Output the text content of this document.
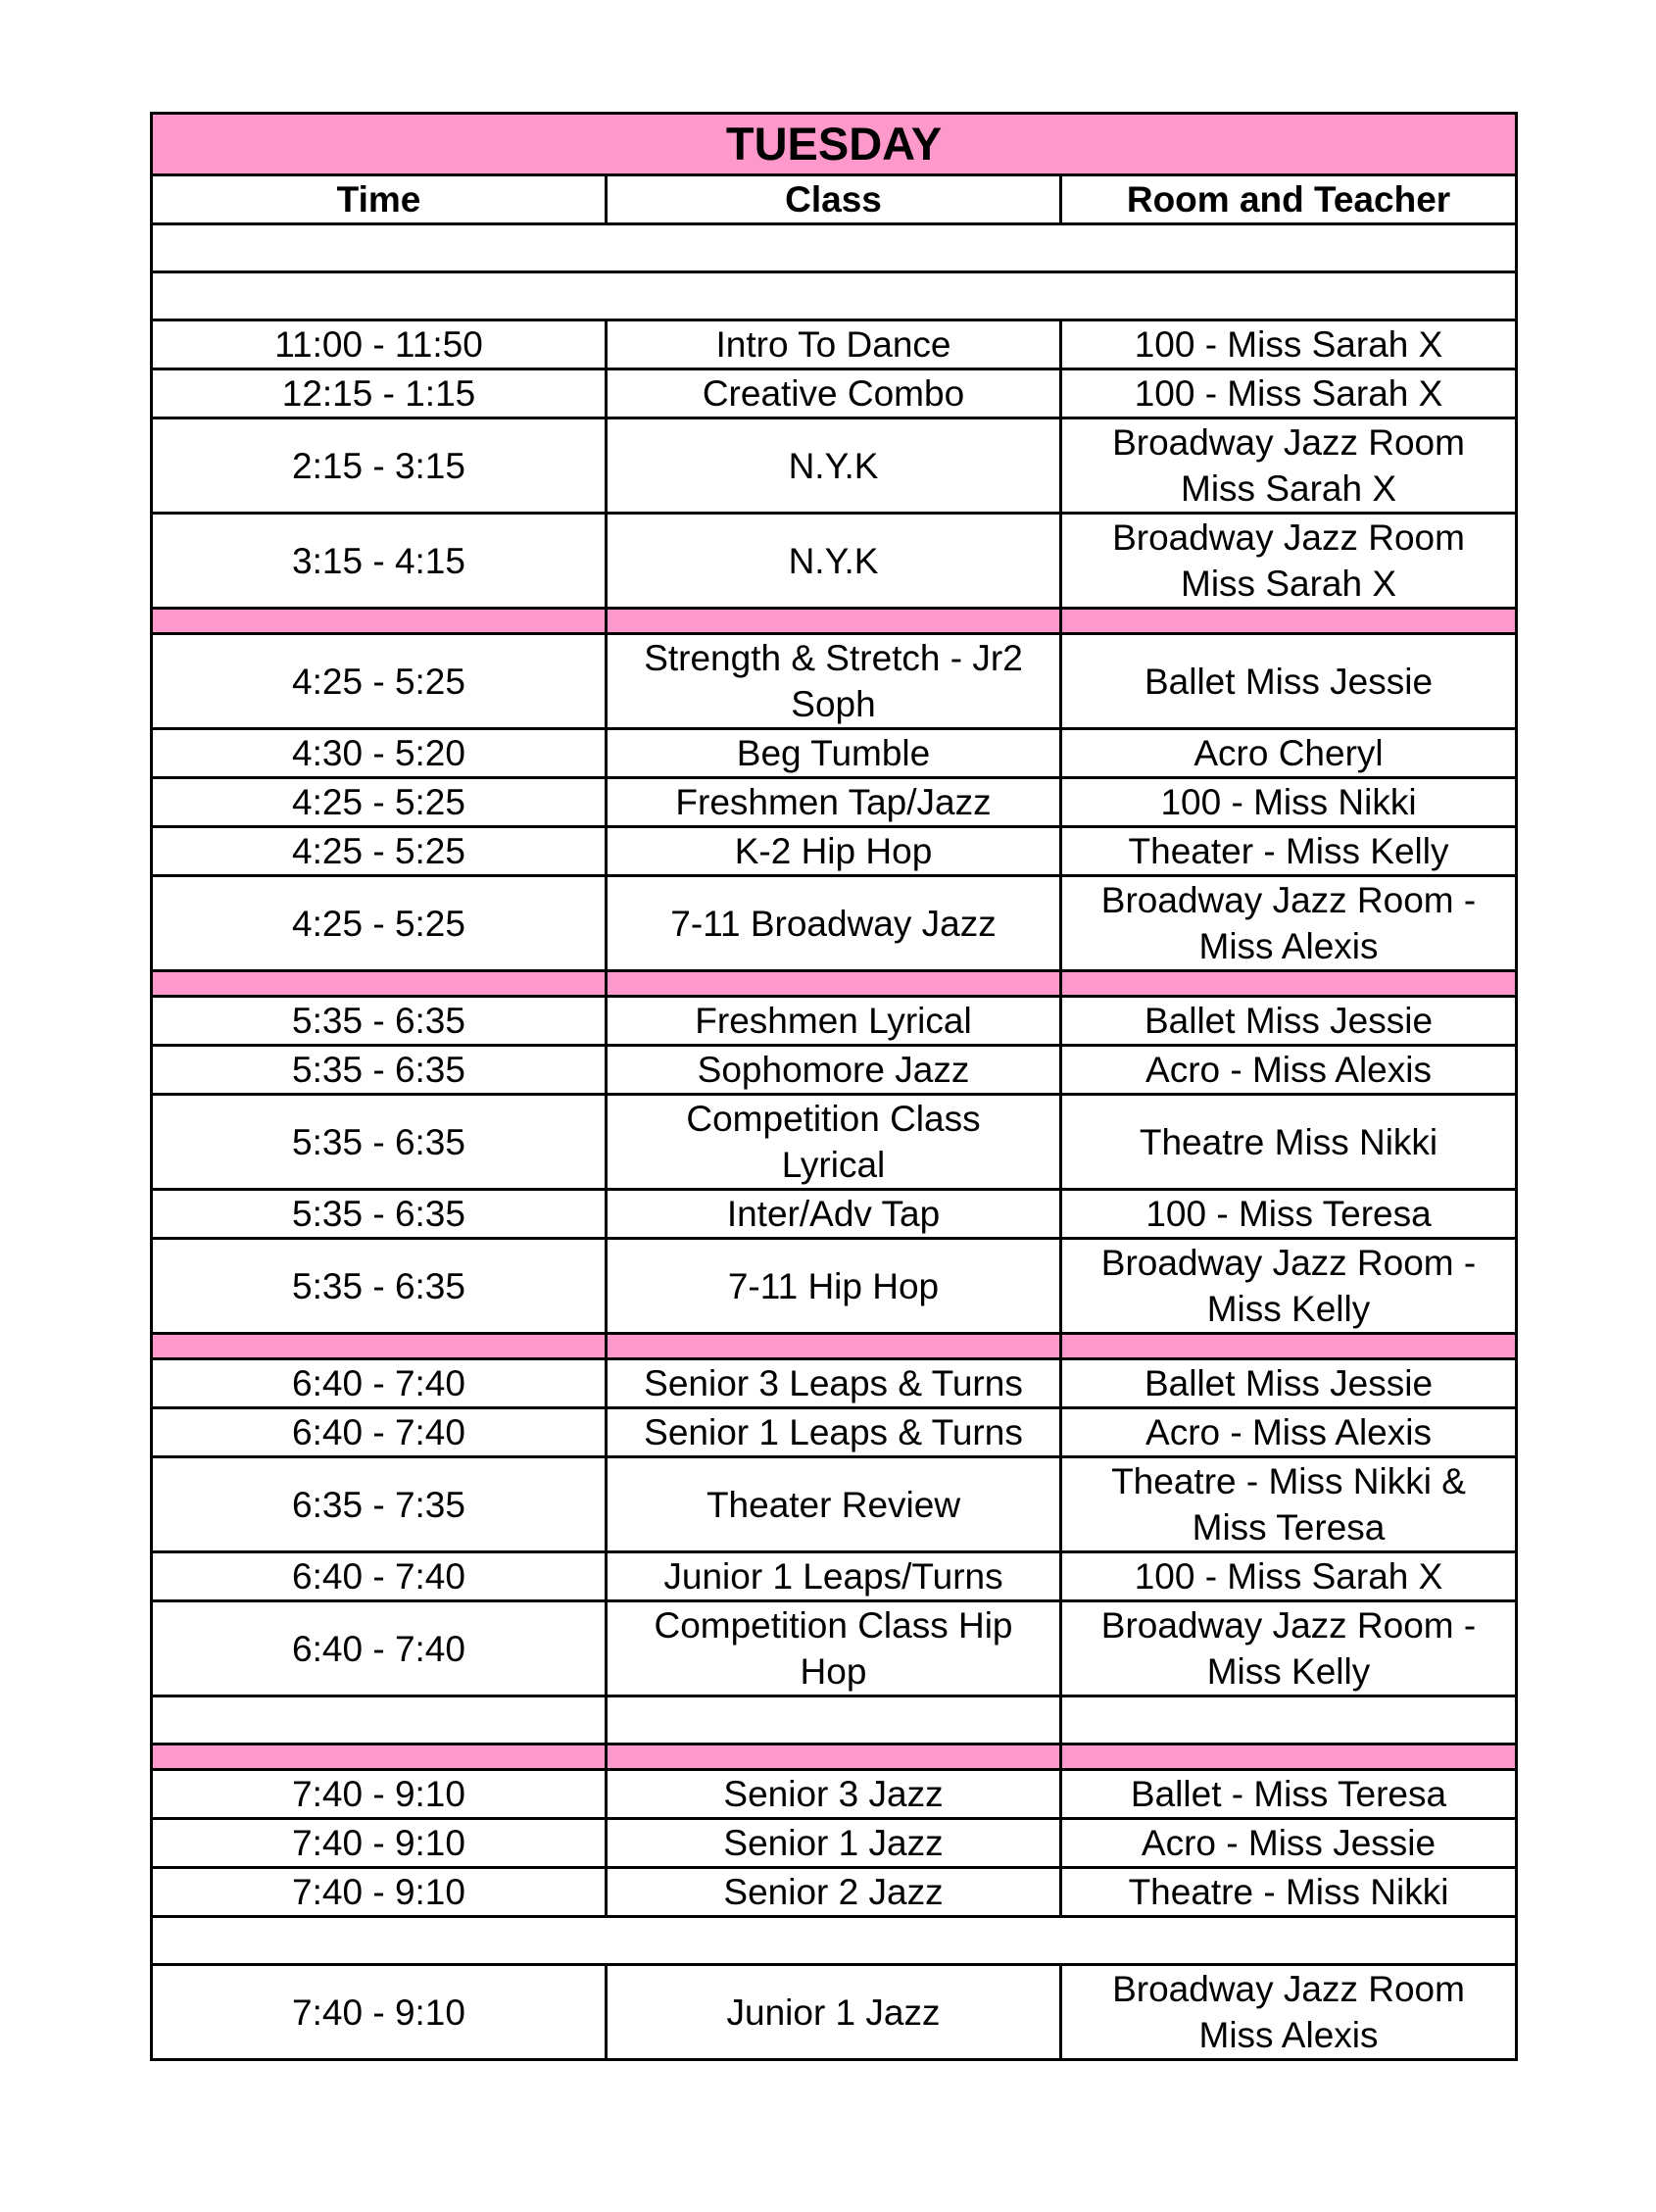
TUESDAY		
Time	Class	Room and Teacher

11:00 - 11:50	Intro To Dance	100 - Miss Sarah X
12:15 - 1:15	Creative Combo	100 - Miss Sarah X
2:15 - 3:15	N.Y.K	Broadway Jazz Room
Miss Sarah X
3:15 - 4:15	N.Y.K	Broadway Jazz Room
Miss Sarah X

4:25 - 5:25	Strength & Stretch - Jr2
Soph	Ballet Miss Jessie
4:30 - 5:20	Beg Tumble	Acro Cheryl
4:25 - 5:25	Freshmen Tap/Jazz	100 - Miss Nikki
4:25 - 5:25	K-2 Hip Hop	Theater - Miss Kelly
4:25 - 5:25	7-11 Broadway Jazz	Broadway Jazz Room -
Miss Alexis

5:35 - 6:35	Freshmen Lyrical	Ballet Miss Jessie
5:35 - 6:35	Sophomore Jazz	Acro - Miss Alexis
5:35 - 6:35	Competition Class
Lyrical	Theatre Miss Nikki
5:35 - 6:35	Inter/Adv Tap	100 - Miss Teresa
5:35 - 6:35	7-11 Hip Hop	Broadway Jazz Room -
Miss Kelly

6:40 - 7:40	Senior 3 Leaps & Turns	Ballet Miss Jessie
6:40 - 7:40	Senior 1 Leaps & Turns	Acro - Miss Alexis
6:35 - 7:35	Theater Review	Theatre - Miss Nikki &
Miss Teresa
6:40 - 7:40	Junior 1 Leaps/Turns	100 - Miss Sarah X
6:40 - 7:40	Competition Class Hip
Hop	Broadway Jazz Room -
Miss Kelly

7:40 - 9:10	Senior 3 Jazz	Ballet - Miss Teresa
7:40 - 9:10	Senior 1 Jazz	Acro - Miss Jessie
7:40 - 9:10	Senior 2 Jazz	Theatre - Miss Nikki

7:40 - 9:10	Junior 1 Jazz	Broadway Jazz Room
Miss Alexis
